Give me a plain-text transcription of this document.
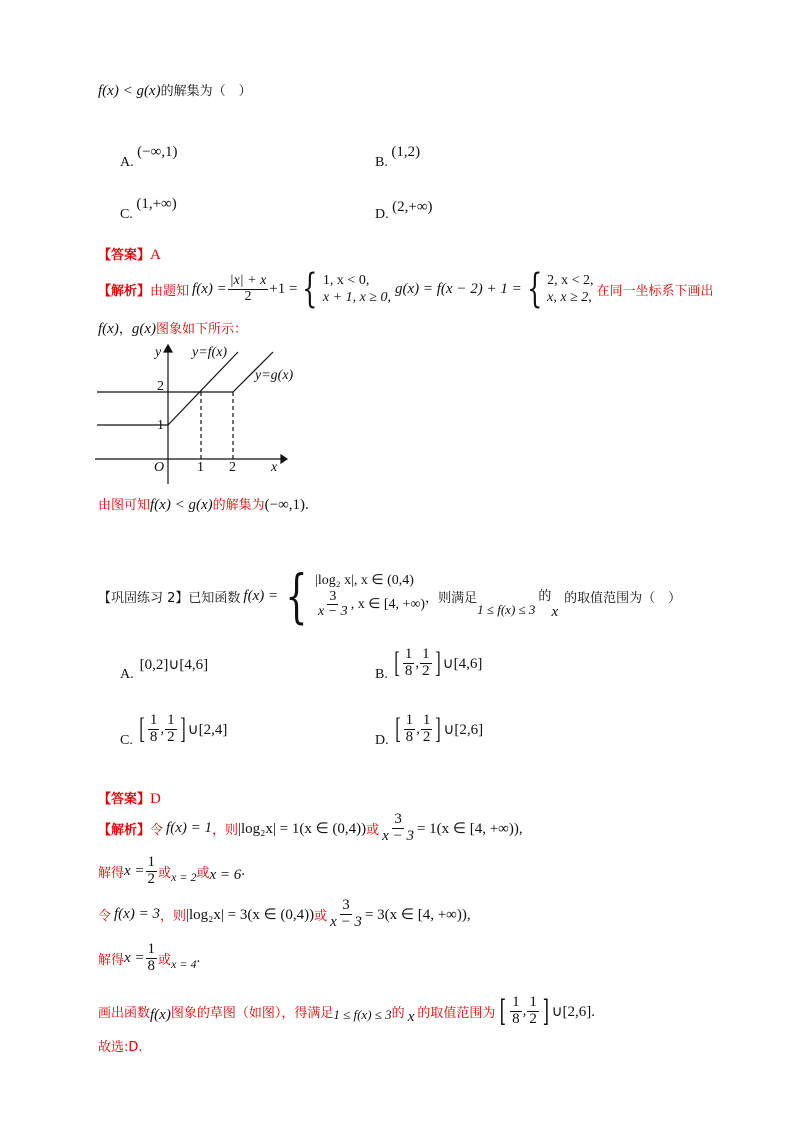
f(x) < g(x)的解集为（　）
A. (−∞,1)
B. (1,2)
C. (1,+∞)
D. (2,+∞)
【答案】A
【解析】 由题知 $f(x) = \frac{|x| + x}{2} +1$ = { 1, x < 0,
x + 1, x ≥ 0,
g(x) = f(x − 2) + 1 = { 2, x < 2,
x, x ≥ 2, 在同一坐标系下画出
f(x)，g(x)图象如下所示：
y
x
O 1 2
1
2
y=f(x)
y=g(x)
由图可知f(x) < g(x)的解集为(−∞,1).
【巩固练习 2】 已知函数 f(x) = { |log₂ x|, x ∈ (0,4)
$\frac{3}{x - 3}$ , x ∈ [4, +∞) ，则满足
1 ≤ f(x) ≤ 3
的
x
的取值范围为（　）
A.
[0,2]∪[4,6]
B. [ $\frac{1}{8}$ , $\frac{1}{2}$ ] ∪[4,6]
C. [ $\frac{1}{8}$ , $\frac{1}{2}$ ] ∪[2,4]
D. [ $\frac{1}{8}$ , $\frac{1}{2}$ ] ∪[2,6]
【答案】D
【解析】 令 f(x) = 1 ，则 |log₂x| = 1(x ∈ (0,4)) 或 $\frac{3}{x - 3} = 1(x$ ∈ [4, +∞)),
解得 $x = \frac{1}{2}$ 或 x = 2 或 x = 6 .
令 f(x) = 3 ，则 |log₂x| = 3(x ∈ (0,4)) 或 $\frac{3}{x - 3} = 3(x$ ∈ [4, +∞)),
解得 $x = \frac{1}{8}$ 或 x = 4 .
画出函数 f(x) 图象的草图（如图），得满足 1 ≤ f(x) ≤ 3 的 x 的取值范围为 [ $\frac{1}{8}$ , $\frac{1}{2}$ ] ∪[2,6].
故选:D.
